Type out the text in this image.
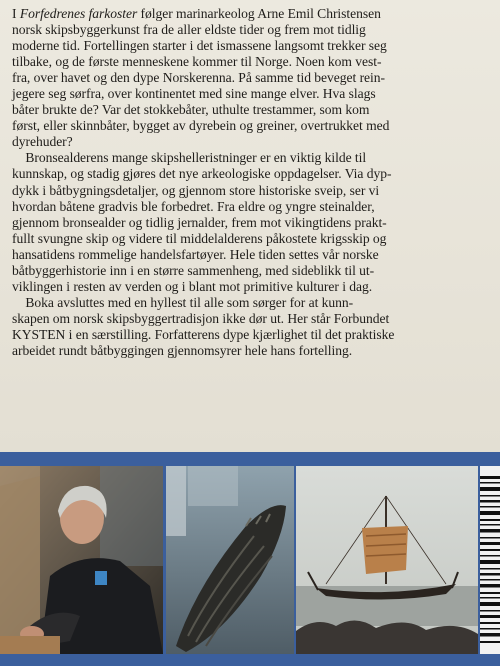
I Forfedrenes farkoster følger marinarkeolog Arne Emil Christensen

norsk skipsbyggerkunst fra de aller eldste tider og frem mot tidlig

moderne tid. Fortellingen starter i det ismassene langsomt trekker seg

tilbake, og de første menneskene kommer til Norge. Noen kom vest-

fra, over havet og den dype Norskerenna. På samme tid beveget rein-

jegere seg sørfra, over kontinentet med sine mange elver. Hva slags

båter brukte de? Var det stokkebåter, uthulte trestammer, som kom

først, eller skinnbåter, bygget av dyrebein og greiner, overtrukket med

dyrehuder?

Bronsealderens mange skipshelleristninger er en viktig kilde til

kunnskap, og stadig gjøres det nye arkeologiske oppdagelser. Via dyp-

dykk i båtbygningsdetaljer, og gjennom store historiske sveip, ser vi

hvordan båtene gradvis ble forbedret. Fra eldre og yngre steinalder,

gjennom bronsealder og tidlig jernalder, frem mot vikingtidens prakt-

fullt svungne skip og videre til middelalderens påkostete krigsskip og

hansatidens rommelige handelsfartøyer. Hele tiden settes vår norske

båtbyggerhistorie inn i en større sammenheng, med sideblikk til ut-

viklingen i resten av verden og i blant mot primitive kulturer i dag.

Boka avsluttes med en hyllest til alle som sørger for at kunn-

skapen om norsk skipsbyggertradisjon ikke dør ut. Her står Forbundet

KYSTEN i en særstilling. Forfatterens dype kjærlighet til det praktiske

arbeidet rundt båtbyggingen gjennomsyrer hele hans fortelling.
